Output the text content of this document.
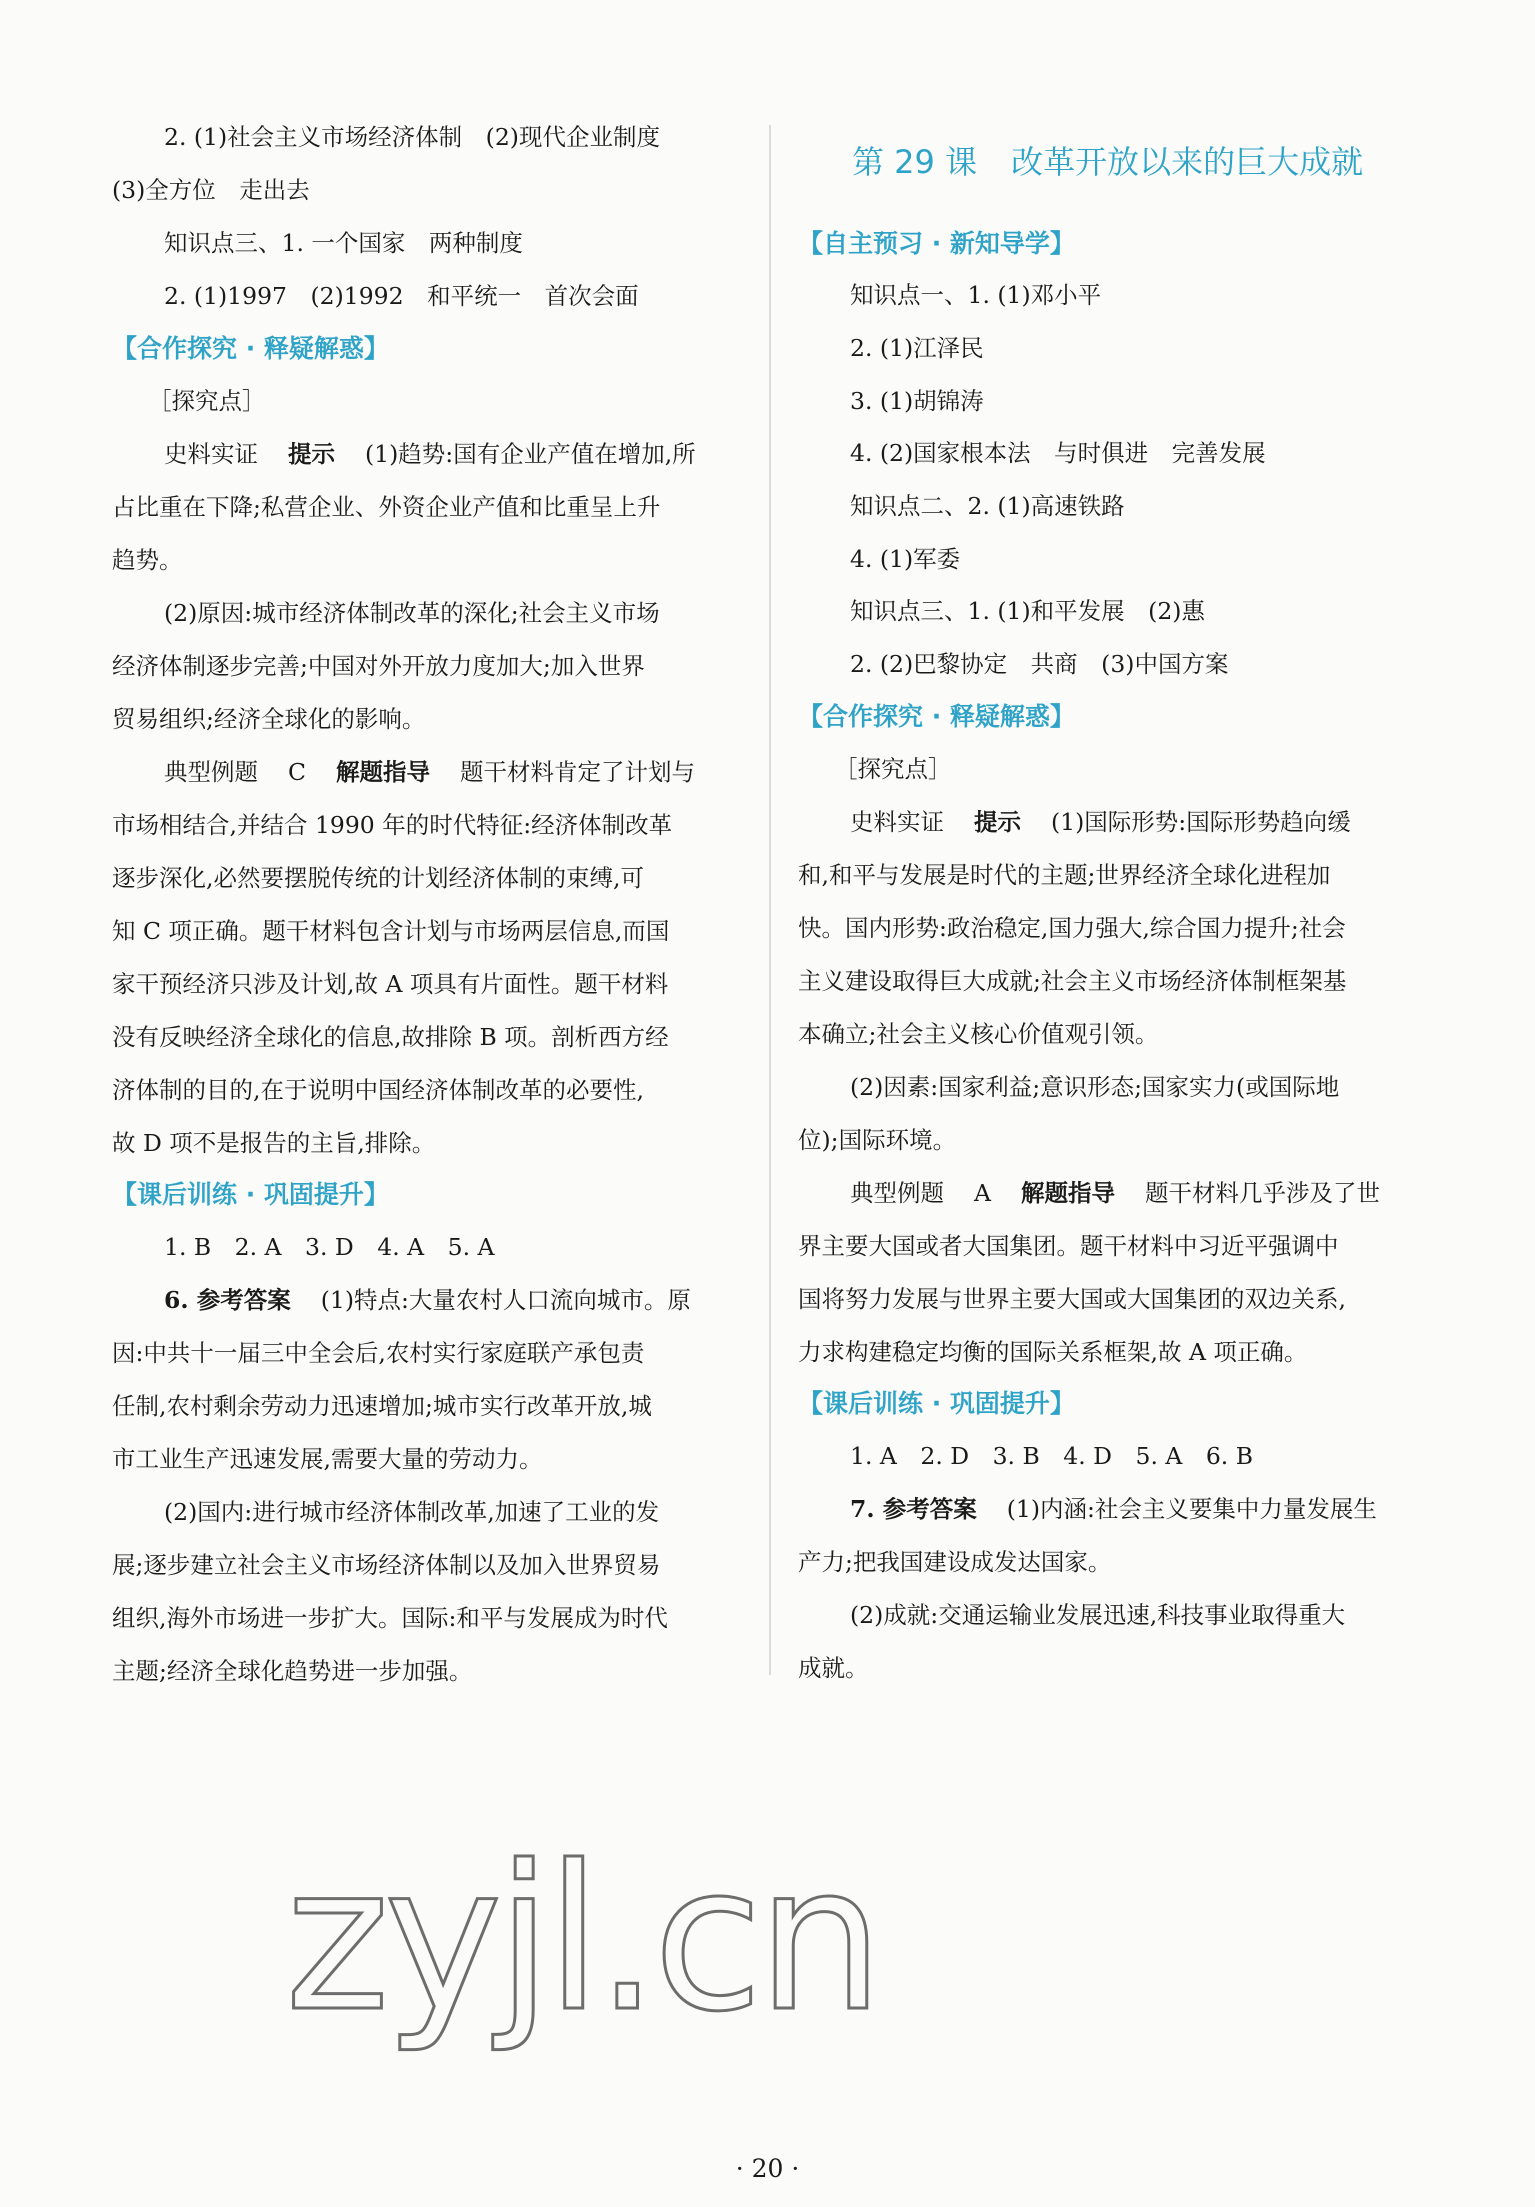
2. (1)社会主义市场经济体制　(2)现代企业制度
(3)全方位　走出去
知识点三、1. 一个国家　两种制度
2. (1)1997　(2)1992　和平统一　首次会面
【合作探究 · 释疑解惑】
［探究点］
史料实证 提示 (1)趋势:国有企业产值在增加,所
占比重在下降;私营企业、外资企业产值和比重呈上升
趋势。
(2)原因:城市经济体制改革的深化;社会主义市场
经济体制逐步完善;中国对外开放力度加大;加入世界
贸易组织;经济全球化的影响。
典型例题 C 解题指导 题干材料肯定了计划与
市场相结合,并结合 1990 年的时代特征:经济体制改革
逐步深化,必然要摆脱传统的计划经济体制的束缚,可
知 C 项正确。题干材料包含计划与市场两层信息,而国
家干预经济只涉及计划,故 A 项具有片面性。题干材料
没有反映经济全球化的信息,故排除 B 项。剖析西方经
济体制的目的,在于说明中国经济体制改革的必要性,
故 D 项不是报告的主旨,排除。
【课后训练 · 巩固提升】
1. B　2. A　3. D　4. A　5. A
6. 参考答案 (1)特点:大量农村人口流向城市。原
因:中共十一届三中全会后,农村实行家庭联产承包责
任制,农村剩余劳动力迅速增加;城市实行改革开放,城
市工业生产迅速发展,需要大量的劳动力。
(2)国内:进行城市经济体制改革,加速了工业的发
展;逐步建立社会主义市场经济体制以及加入世界贸易
组织,海外市场进一步扩大。国际:和平与发展成为时代
主题;经济全球化趋势进一步加强。
第 29 课 改革开放以来的巨大成就
【自主预习 · 新知导学】
知识点一、1. (1)邓小平
2. (1)江泽民
3. (1)胡锦涛
4. (2)国家根本法　与时俱进　完善发展
知识点二、2. (1)高速铁路
4. (1)军委
知识点三、1. (1)和平发展　(2)惠
2. (2)巴黎协定　共商　(3)中国方案
【合作探究 · 释疑解惑】
［探究点］
史料实证 提示 (1)国际形势:国际形势趋向缓
和,和平与发展是时代的主题;世界经济全球化进程加
快。国内形势:政治稳定,国力强大,综合国力提升;社会
主义建设取得巨大成就;社会主义市场经济体制框架基
本确立;社会主义核心价值观引领。
(2)因素:国家利益;意识形态;国家实力(或国际地
位);国际环境。
典型例题 A 解题指导 题干材料几乎涉及了世
界主要大国或者大国集团。题干材料中习近平强调中
国将努力发展与世界主要大国或大国集团的双边关系,
力求构建稳定均衡的国际关系框架,故 A 项正确。
【课后训练 · 巩固提升】
1. A　2. D　3. B　4. D　5. A　6. B
7. 参考答案 (1)内涵:社会主义要集中力量发展生
产力;把我国建设成发达国家。
(2)成就:交通运输业发展迅速,科技事业取得重大
成就。
zyjl.cn
· 20 ·
